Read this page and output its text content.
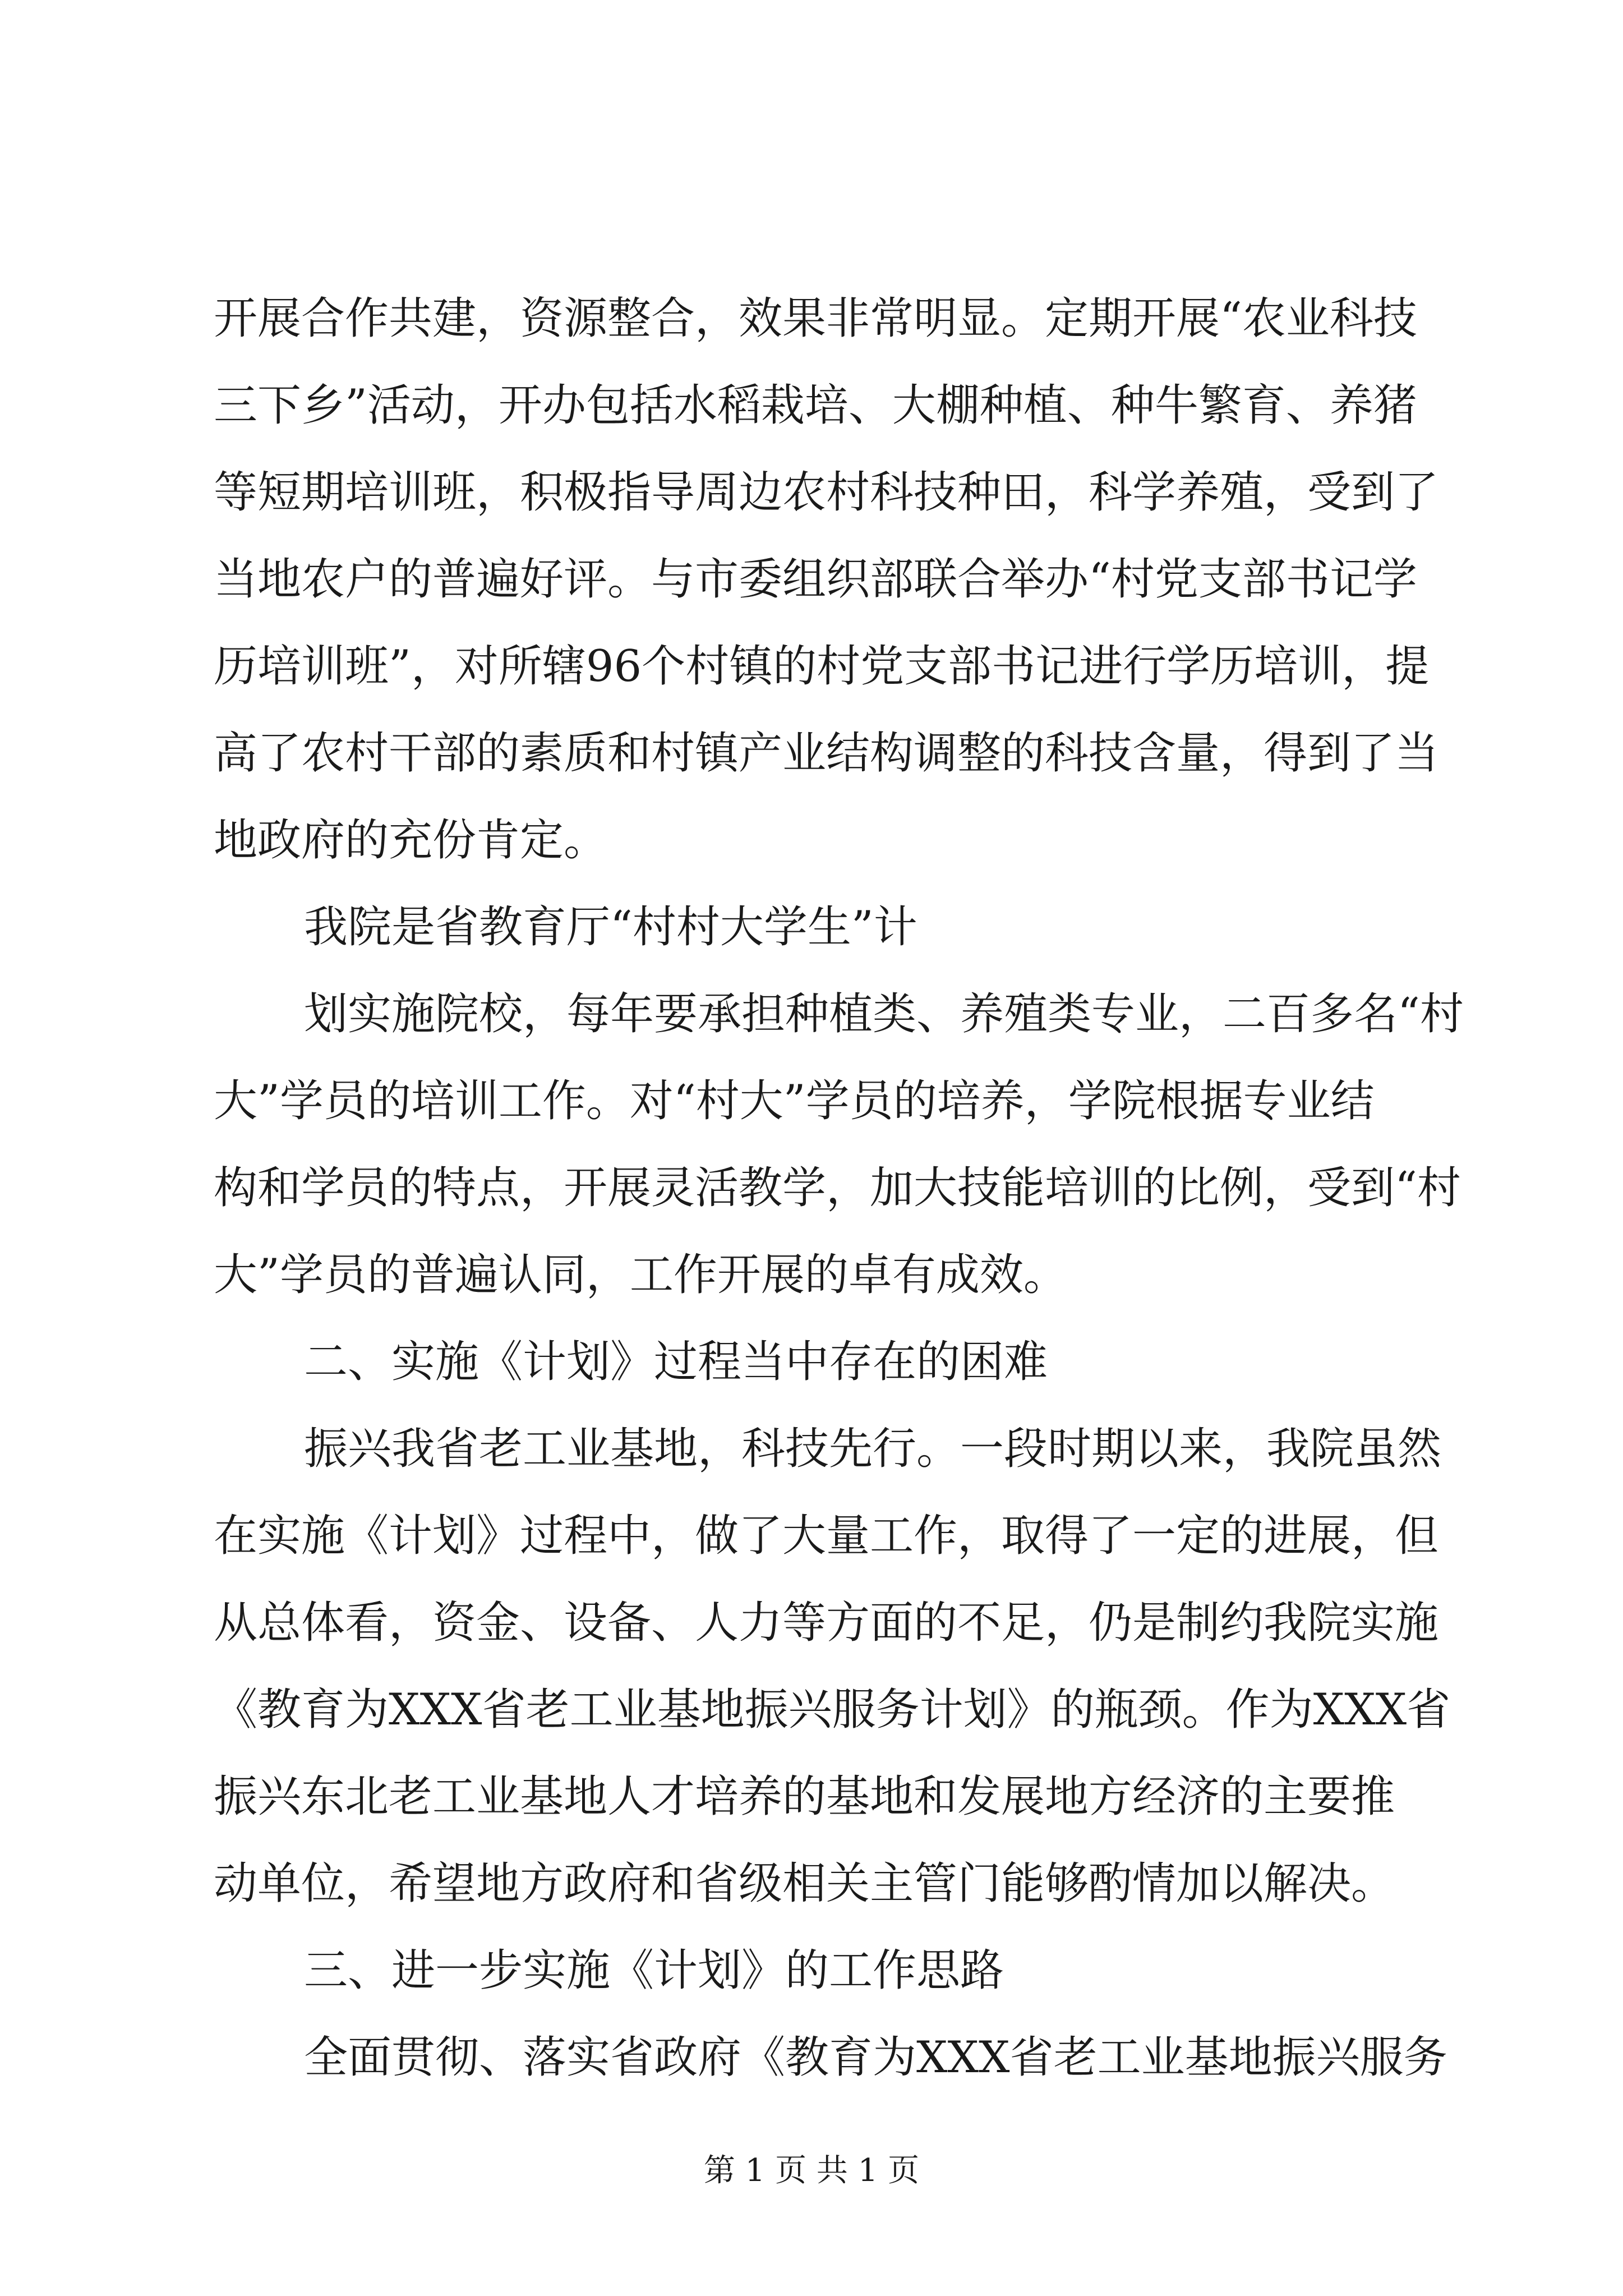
开展合作共建，资源整合，效果非常明显。定期开展“农业科技
三下乡”活动，开办包括水稻栽培、大棚种植、种牛繁育、养猪
等短期培训班，积极指导周边农村科技种田，科学养殖，受到了
当地农户的普遍好评。与市委组织部联合举办“村党支部书记学
历培训班”，对所辖96个村镇的村党支部书记进行学历培训，提
高了农村干部的素质和村镇产业结构调整的科技含量，得到了当
地政府的充份肯定。
我院是省教育厅“村村大学生”计
划实施院校，每年要承担种植类、养殖类专业，二百多名“村
大”学员的培训工作。对“村大”学员的培养，学院根据专业结
构和学员的特点，开展灵活教学，加大技能培训的比例，受到“村
大”学员的普遍认同，工作开展的卓有成效。
二、实施《计划》过程当中存在的困难
振兴我省老工业基地，科技先行。一段时期以来，我院虽然
在实施《计划》过程中，做了大量工作，取得了一定的进展，但
从总体看，资金、设备、人力等方面的不足，仍是制约我院实施
《教育为XXX省老工业基地振兴服务计划》的瓶颈。作为XXX省
振兴东北老工业基地人才培养的基地和发展地方经济的主要推
动单位，希望地方政府和省级相关主管门能够酌情加以解决。
三、进一步实施《计划》的工作思路
全面贯彻、落实省政府《教育为XXX省老工业基地振兴服务
第 1 页 共 1 页
